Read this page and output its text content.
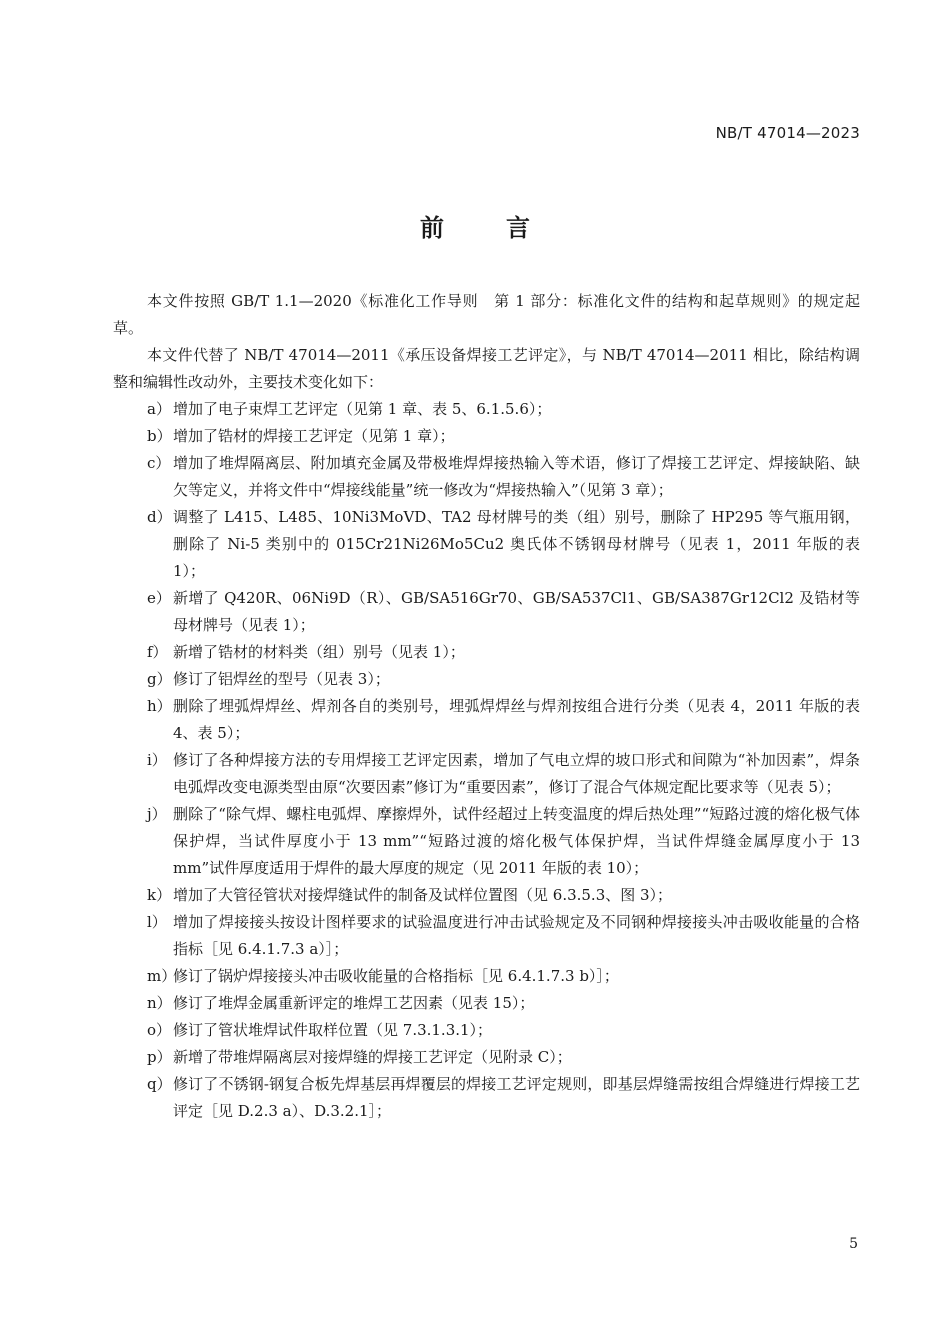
NB/T 47014—2023
前	言

本文件按照 GB/T 1.1—2020《标准化工作导则　第 1 部分：标准化文件的结构和起草规则》的规定起草。

本文件代替了 NB/T 47014—2011《承压设备焊接工艺评定》，与 NB/T 47014—2011 相比，除结构调整和编辑性改动外，主要技术变化如下：

a） 增加了电子束焊工艺评定（见第 1 章、表 5、6.1.5.6）；
b） 增加了锆材的焊接工艺评定（见第 1 章）；
c） 增加了堆焊隔离层、附加填充金属及带极堆焊焊接热输入等术语，修订了焊接工艺评定、焊接缺陷、缺欠等定义，并将文件中“焊接线能量”统一修改为“焊接热输入”（见第 3 章）；
d） 调整了 L415、L485、10Ni3MoVD、TA2 母材牌号的类（组）别号，删除了 HP295 等气瓶用钢，删除了 Ni-5 类别中的 015Cr21Ni26Mo5Cu2 奥氏体不锈钢母材牌号（见表 1，2011 年版的表 1）；
e） 新增了 Q420R、06Ni9D（R）、GB/SA516Gr70、GB/SA537Cl1、GB/SA387Gr12Cl2 及锆材等母材牌号（见表 1）；
f） 新增了锆材的材料类（组）别号（见表 1）；
g） 修订了铝焊丝的型号（见表 3）；
h） 删除了埋弧焊焊丝、焊剂各自的类别号，埋弧焊焊丝与焊剂按组合进行分类（见表 4，2011 年版的表 4、表 5）；
i） 修订了各种焊接方法的专用焊接工艺评定因素，增加了气电立焊的坡口形式和间隙为“补加因素”，焊条电弧焊改变电源类型由原“次要因素”修订为“重要因素”，修订了混合气体规定配比要求等（见表 5）；
j） 删除了“除气焊、螺柱电弧焊、摩擦焊外，试件经超过上转变温度的焊后热处理”“短路过渡的熔化极气体保护焊，当试件厚度小于 13 mm”“短路过渡的熔化极气体保护焊，当试件焊缝金属厚度小于 13 mm”试件厚度适用于焊件的最大厚度的规定（见 2011 年版的表 10）；
k） 增加了大管径管状对接焊缝试件的制备及试样位置图（见 6.3.5.3、图 3）；
l） 增加了焊接接头按设计图样要求的试验温度进行冲击试验规定及不同钢种焊接接头冲击吸收能量的合格指标［见 6.4.1.7.3 a）］；
m）
修订了锅炉焊接接头冲击吸收能量的合格指标［见 6.4.1.7.3 b）］；
n） 修订了堆焊金属重新评定的堆焊工艺因素（见表 15）；
o） 修订了管状堆焊试件取样位置（见 7.3.1.3.1）；
p） 新增了带堆焊隔离层对接焊缝的焊接工艺评定（见附录 C）；
q） 修订了不锈钢-钢复合板先焊基层再焊覆层的焊接工艺评定规则，即基层焊缝需按组合焊缝进行焊接工艺评定［见 D.2.3 a）、D.3.2.1］；
5
